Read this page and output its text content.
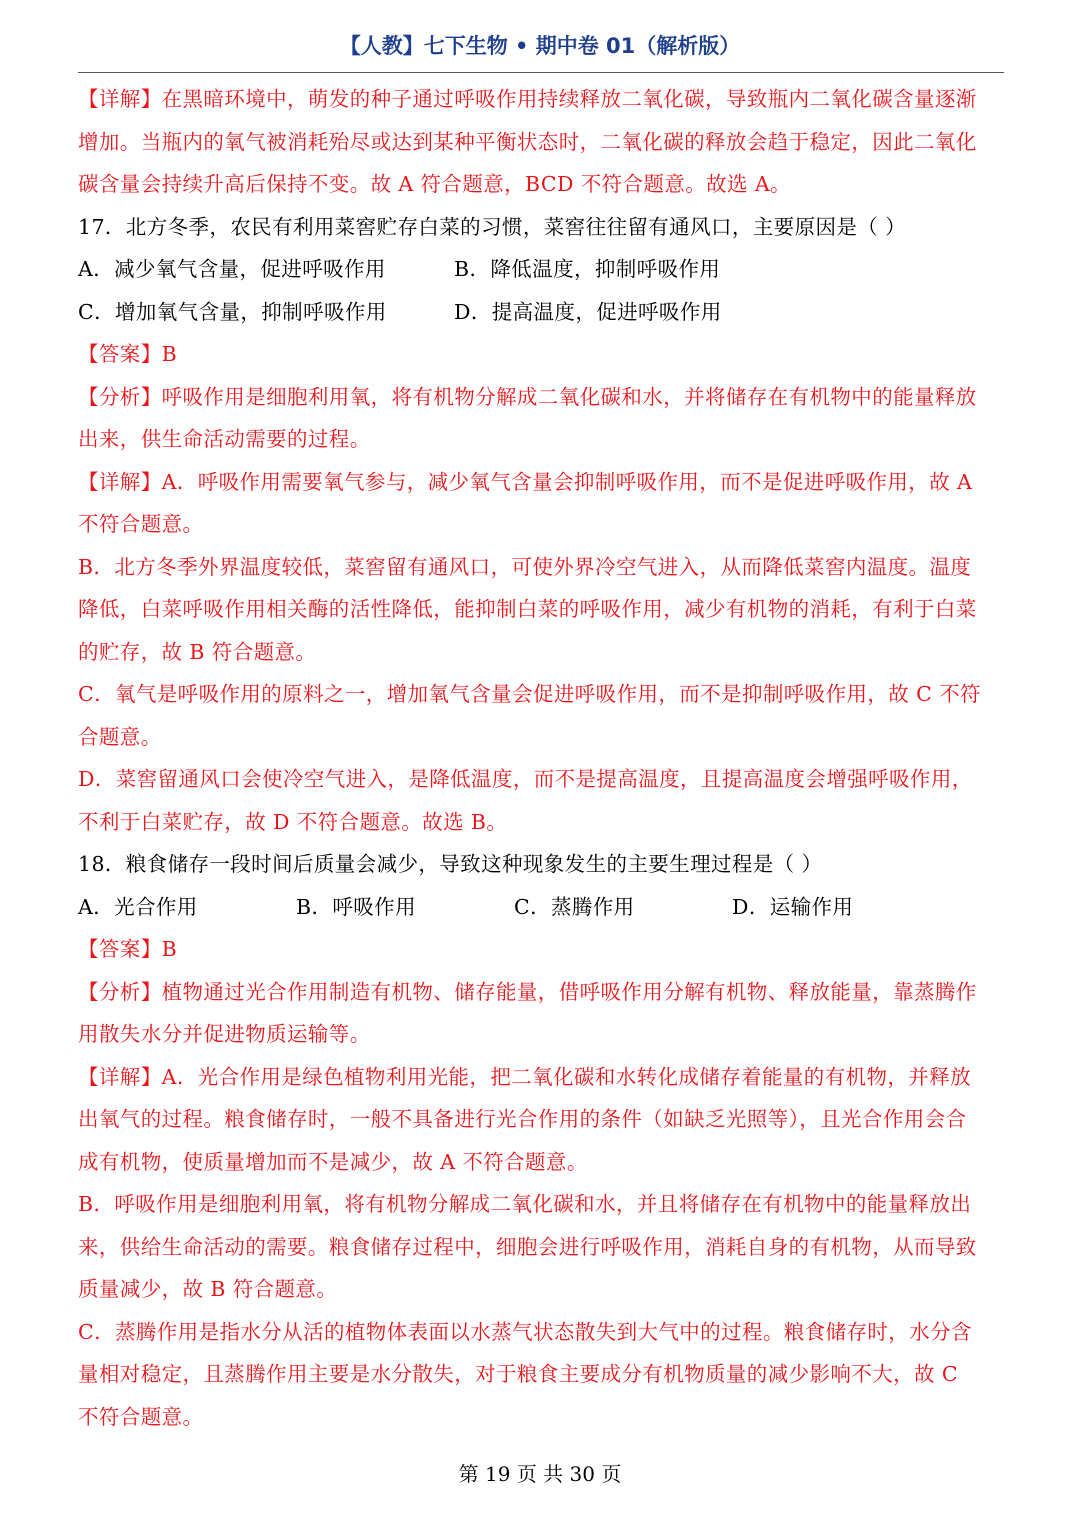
【人教】七下生物 • 期中卷 01（解析版）
【详解】在黑暗环境中，萌发的种子通过呼吸作用持续释放二氧化碳，导致瓶内二氧化碳含量逐渐
增加。当瓶内的氧气被消耗殆尽或达到某种平衡状态时，二氧化碳的释放会趋于稳定，因此二氧化
碳含量会持续升高后保持不变。故 A 符合题意，BCD 不符合题意。故选 A。
17．北方冬季，农民有利用菜窖贮存白菜的习惯，菜窖往往留有通风口，主要原因是（ ）
A．减少氧气含量，促进呼吸作用	B．降低温度，抑制呼吸作用
C．增加氧气含量，抑制呼吸作用	D．提高温度，促进呼吸作用
【答案】B
【分析】呼吸作用是细胞利用氧，将有机物分解成二氧化碳和水，并将储存在有机物中的能量释放
出来，供生命活动需要的过程。
【详解】A．呼吸作用需要氧气参与，减少氧气含量会抑制呼吸作用，而不是促进呼吸作用，故 A
不符合题意。
B．北方冬季外界温度较低，菜窖留有通风口，可使外界冷空气进入，从而降低菜窖内温度。温度
降低，白菜呼吸作用相关酶的活性降低，能抑制白菜的呼吸作用，减少有机物的消耗，有利于白菜
的贮存，故 B 符合题意。
C．氧气是呼吸作用的原料之一，增加氧气含量会促进呼吸作用，而不是抑制呼吸作用，故 C 不符
合题意。
D．菜窖留通风口会使冷空气进入，是降低温度，而不是提高温度，且提高温度会增强呼吸作用，
不利于白菜贮存，故 D 不符合题意。故选 B。
18．粮食储存一段时间后质量会减少，导致这种现象发生的主要生理过程是（ ）
A．光合作用	B．呼吸作用	C．蒸腾作用	D．运输作用
【答案】B
【分析】植物通过光合作用制造有机物、储存能量，借呼吸作用分解有机物、释放能量，靠蒸腾作
用散失水分并促进物质运输等。
【详解】A．光合作用是绿色植物利用光能，把二氧化碳和水转化成储存着能量的有机物，并释放
出氧气的过程。粮食储存时，一般不具备进行光合作用的条件（如缺乏光照等），且光合作用会合
成有机物，使质量增加而不是减少，故 A 不符合题意。
B．呼吸作用是细胞利用氧，将有机物分解成二氧化碳和水，并且将储存在有机物中的能量释放出
来，供给生命活动的需要。粮食储存过程中，细胞会进行呼吸作用，消耗自身的有机物，从而导致
质量减少，故 B 符合题意。
C．蒸腾作用是指水分从活的植物体表面以水蒸气状态散失到大气中的过程。粮食储存时，水分含
量相对稳定，且蒸腾作用主要是水分散失，对于粮食主要成分有机物质量的减少影响不大，故 C
不符合题意。
第 19 页 共 30 页
